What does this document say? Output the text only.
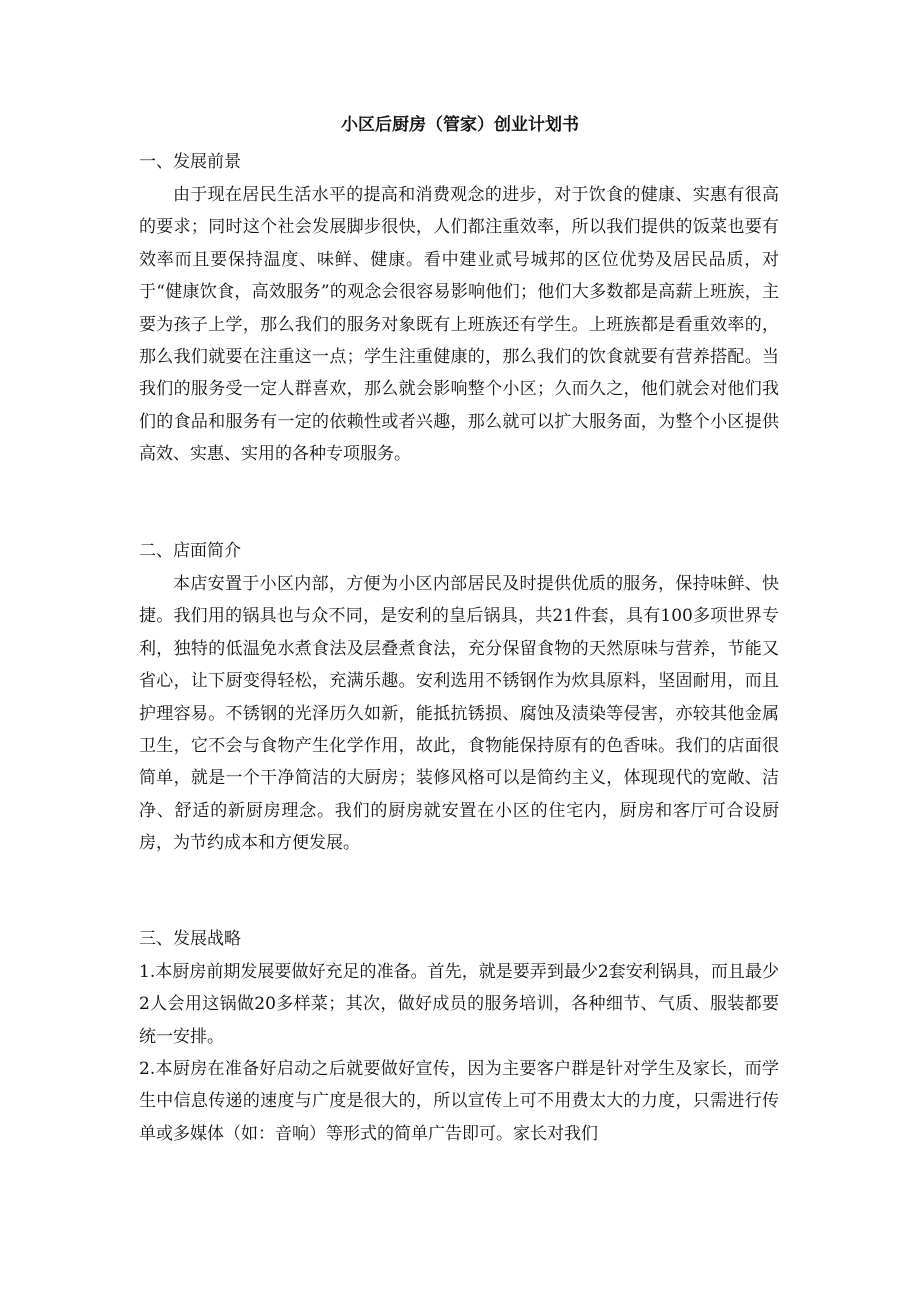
小区后厨房（管家）创业计划书
一、发展前景

由于现在居民生活水平的提高和消费观念的进步，对于饮食的健康、实惠有很高的要求；同时这个社会发展脚步很快，人们都注重效率，所以我们提供的饭菜也要有效率而且要保持温度、味鲜、健康。看中建业贰号城邦的区位优势及居民品质，对于“健康饮食，高效服务”的观念会很容易影响他们；他们大多数都是高薪上班族，主要为孩子上学，那么我们的服务对象既有上班族还有学生。上班族都是看重效率的，那么我们就要在注重这一点；学生注重健康的，那么我们的饮食就要有营养搭配。当我们的服务受一定人群喜欢，那么就会影响整个小区；久而久之，他们就会对他们我们的食品和服务有一定的依赖性或者兴趣，那么就可以扩大服务面，为整个小区提供高效、实惠、实用的各种专项服务。

二、店面简介

本店安置于小区内部，方便为小区内部居民及时提供优质的服务，保持味鲜、快捷。我们用的锅具也与众不同，是安利的皇后锅具，共21件套，具有100多项世界专利，独特的低温免水煮食法及层叠煮食法，充分保留食物的天然原味与营养，节能又省心，让下厨变得轻松，充满乐趣。安利选用不锈钢作为炊具原料，坚固耐用，而且护理容易。不锈钢的光泽历久如新，能抵抗锈损、腐蚀及渍染等侵害，亦较其他金属卫生，它不会与食物产生化学作用，故此，食物能保持原有的色香味。我们的店面很简单，就是一个干净简洁的大厨房；装修风格可以是简约主义，体现现代的宽敞、洁净、舒适的新厨房理念。我们的厨房就安置在小区的住宅内，厨房和客厅可合设厨房，为节约成本和方便发展。

三、发展战略

1.本厨房前期发展要做好充足的准备。首先，就是要弄到最少2套安利锅具，而且最少2人会用这锅做20多样菜；其次，做好成员的服务培训，各种细节、气质、服装都要统一安排。

2.本厨房在准备好启动之后就要做好宣传，因为主要客户群是针对学生及家长，而学生中信息传递的速度与广度是很大的，所以宣传上可不用费太大的力度，只需进行传单或多媒体（如：音响）等形式的简单广告即可。家长对我们
